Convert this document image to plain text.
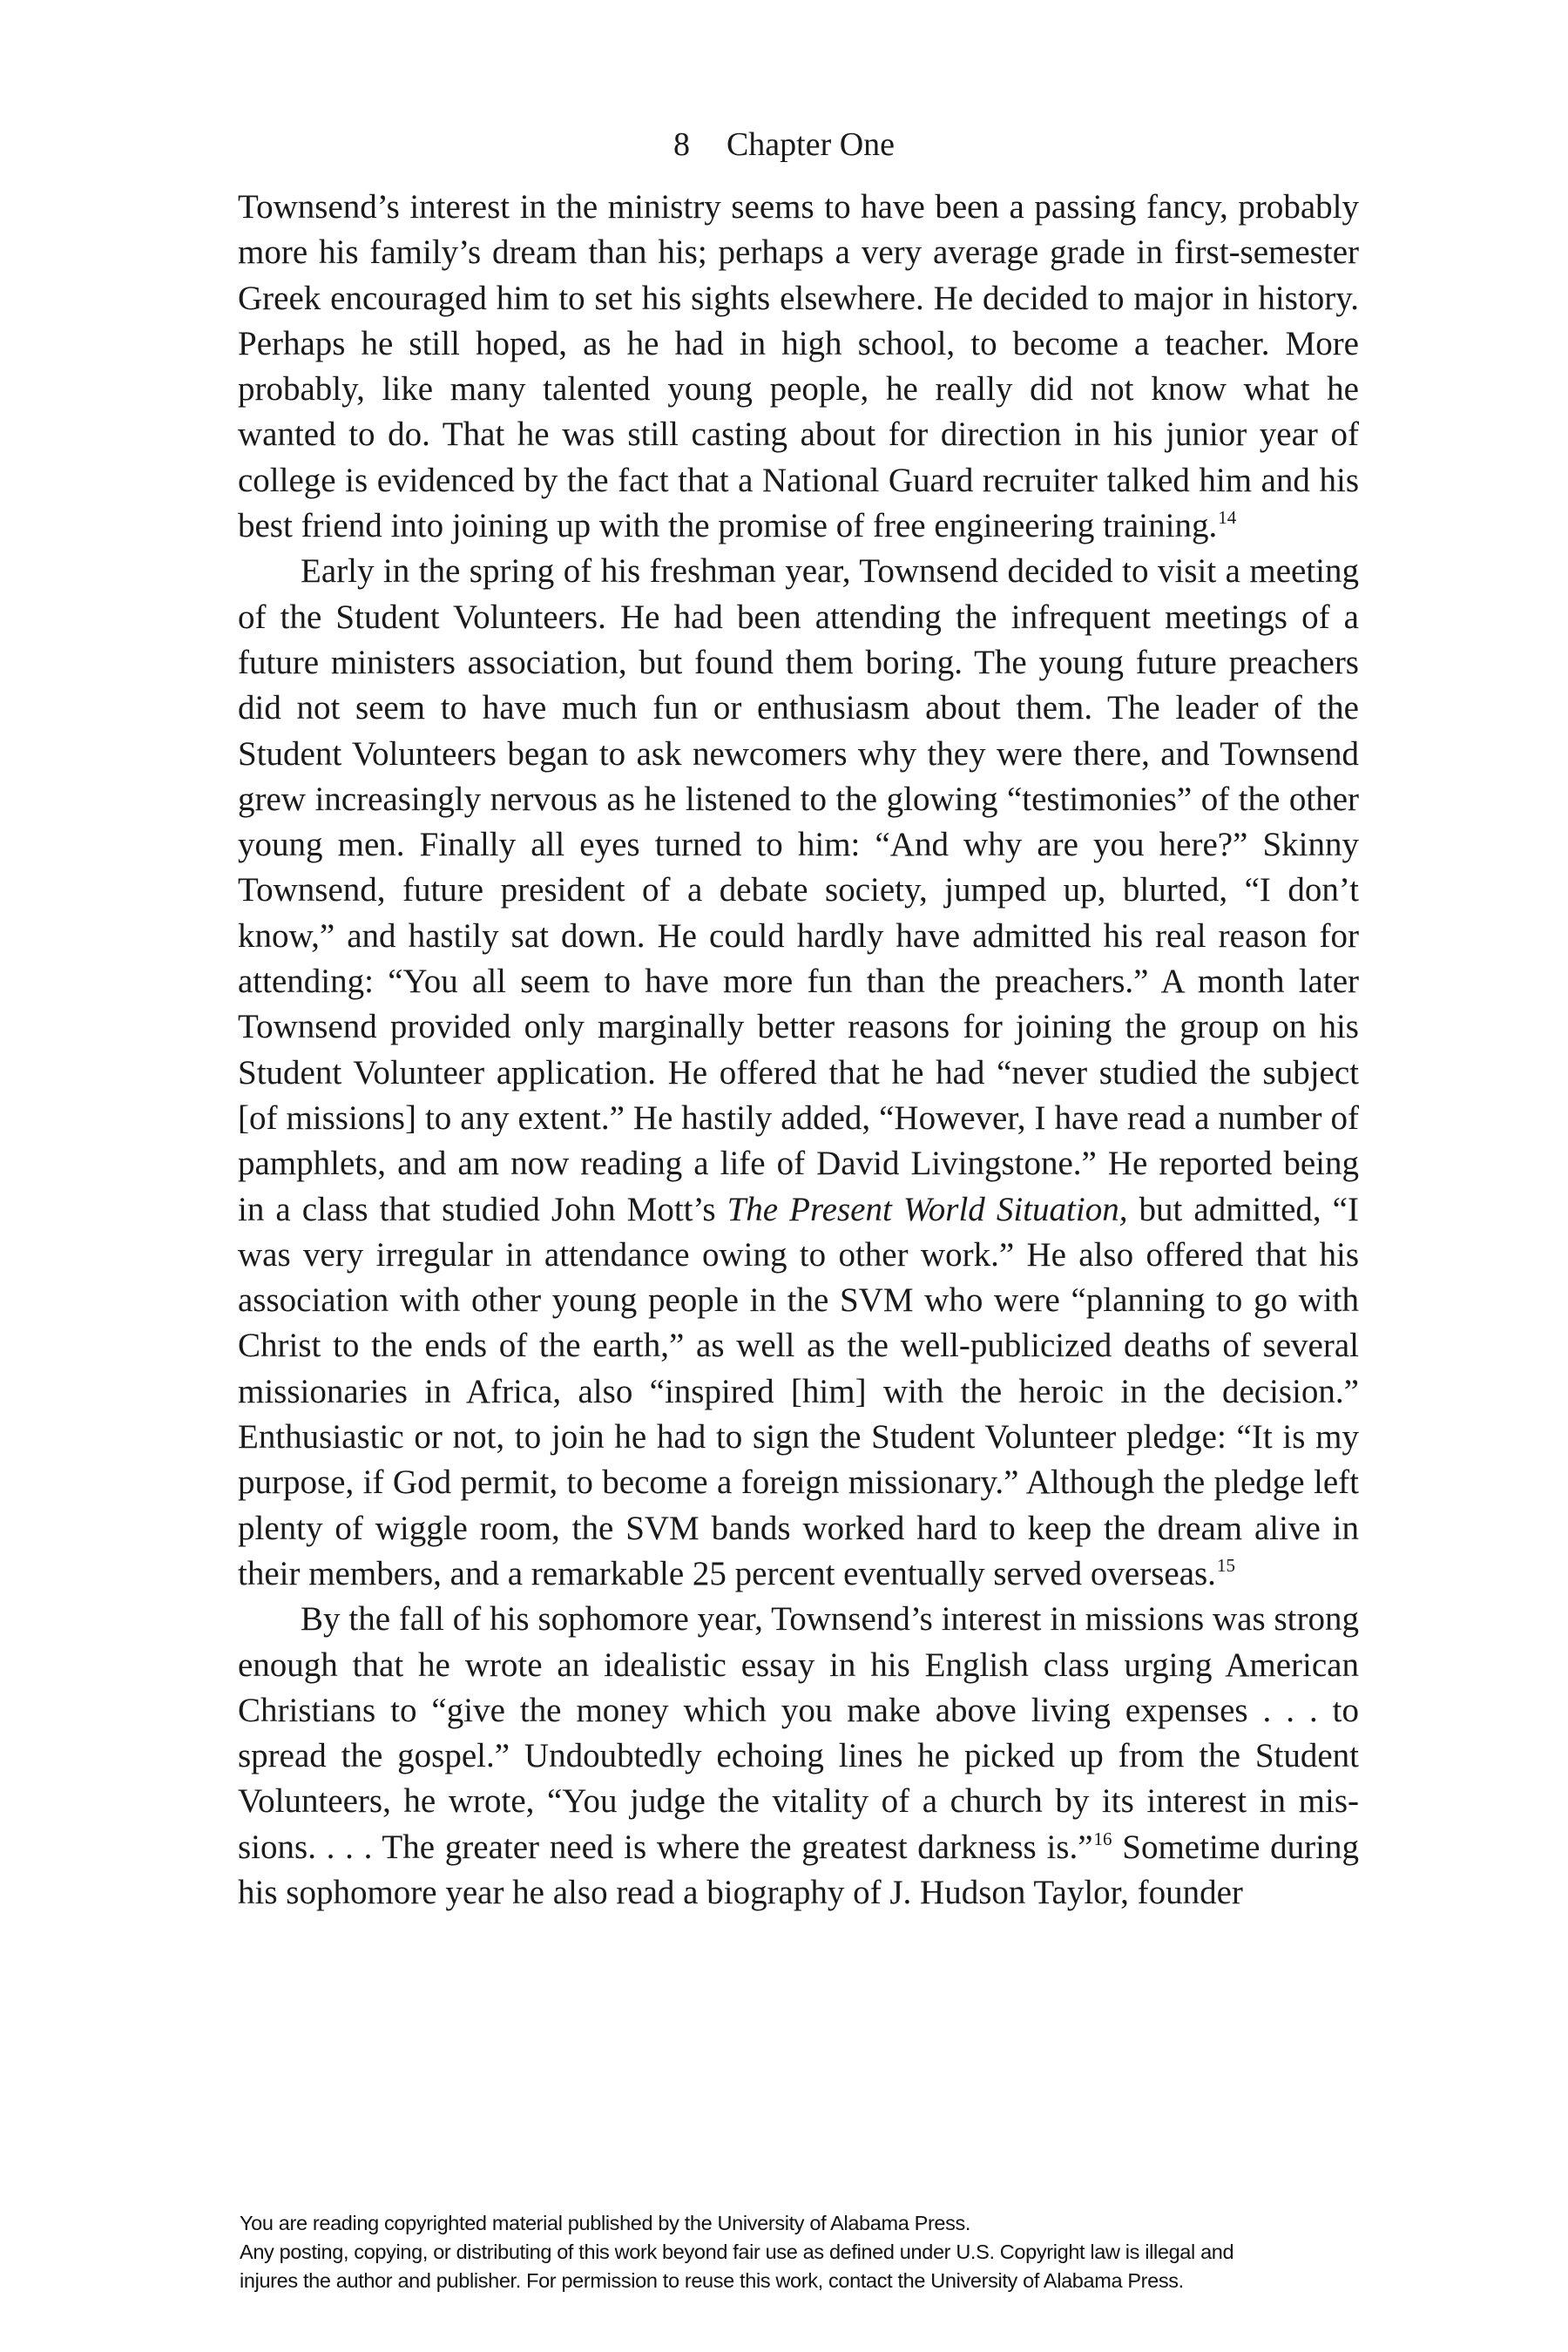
8 Chapter One

Townsend’s interest in the ministry seems to have been a passing fancy, probably more his family’s dream than his; perhaps a very average grade in first-semester Greek encouraged him to set his sights elsewhere. He decided to major in history. Perhaps he still hoped, as he had in high school, to become a teacher. More probably, like many talented young people, he really did not know what he wanted to do. That he was still casting about for direction in his junior year of college is evidenced by the fact that a National Guard recruiter talked him and his best friend into joining up with the promise of free engineering training.$^{14}$

Early in the spring of his freshman year, Townsend decided to visit a meeting of the Student Volunteers. He had been attending the infrequent meetings of a future ministers association, but found them boring. The young future preachers did not seem to have much fun or enthusiasm about them. The leader of the Student Volunteers began to ask newcomers why they were there, and Townsend grew increasingly nervous as he listened to the glowing “testimonies” of the other young men. Finally all eyes turned to him: “And why are you here?” Skinny Townsend, future president of a debate society, jumped up, blurted, “I don’t know,” and hastily sat down. He could hardly have admitted his real reason for attending: “You all seem to have more fun than the preachers.” A month later Townsend provided only marginally better reasons for joining the group on his Student Volunteer application. He offered that he had “never studied the subject [of missions] to any extent.” He hastily added, “However, I have read a number of pamphlets, and am now reading a life of David Livingstone.” He reported being in a class that studied John Mott’s The Present World Situation, but admitted, “I was very irregular in attendance owing to other work.” He also offered that his association with other young people in the SVM who were “planning to go with Christ to the ends of the earth,” as well as the well-publicized deaths of several missionaries in Africa, also “inspired [him] with the heroic in the decision.” Enthusiastic or not, to join he had to sign the Student Volunteer pledge: “It is my purpose, if God permit, to become a foreign missionary.” Although the pledge left plenty of wiggle room, the SVM bands worked hard to keep the dream alive in their members, and a remarkable 25 percent eventually served overseas.$^{15}$

By the fall of his sophomore year, Townsend’s interest in missions was strong enough that he wrote an idealistic essay in his English class urging American Christians to “give the money which you make above living expenses . . . to spread the gospel.” Undoubtedly echoing lines he picked up from the Student Volunteers, he wrote, “You judge the vitality of a church by its interest in missions. . . . The greater need is where the greatest darkness is.”$^{16}$ Sometime during his sophomore year he also read a biography of J. Hudson Taylor, founder

You are reading copyrighted material published by the University of Alabama Press.
Any posting, copying, or distributing of this work beyond fair use as defined under U.S. Copyright law is illegal and
injures the author and publisher. For permission to reuse this work, contact the University of Alabama Press.
